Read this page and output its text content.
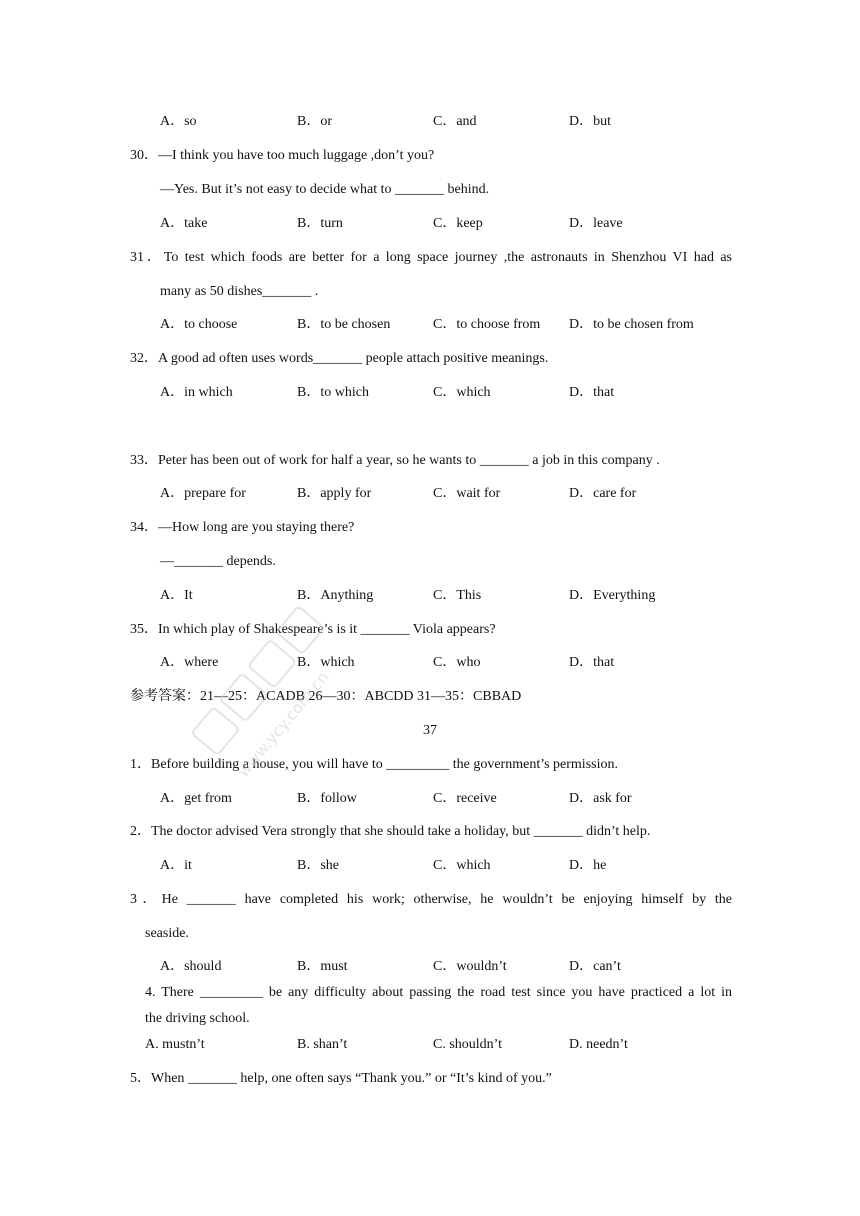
A．so	B．or	C．and	D．but
30．—I think you have too much luggage ,don’t you?
—Yes. But it’s not easy to decide what to _______ behind.
A．take	B．turn	C．keep	D．leave
31．To test which foods are better for a long space journey ,the astronauts in Shenzhou VI had as
many as 50 dishes_______ .
A．to choose	B．to be chosen	C．to choose from D．to be chosen from
32．A good ad often uses words_______ people attach positive meanings.
A．in which	B．to which	C．which	D．that
33．Peter has been out of work for half a year, so he wants to _______ a job in this company .
A．prepare for	B．apply for	C．wait for	D．care for
34．—How long are you staying there?
—_______ depends.
A．It	B．Anything	C．This	D．Everything
35．In which play of Shakespeare’s is it _______ Viola appears?
A．where	B．which	C．who	D．that
参考答案：21—25：ACADB 26—30：ABCDD 31—35：CBBAD
37
1．Before building a house, you will have to _________ the government’s permission.
A．get from	B．follow	C．receive	D．ask for
2．The doctor advised Vera strongly that she should take a holiday, but _______ didn’t help.
A．it	B．she	C．which	D．he
3．He _______ have completed his work; otherwise, he wouldn’t be enjoying himself by the
seaside.
A．should	B．must	C．wouldn’t	D．can’t
4. There _________ be any difficulty about passing the road test since you have practiced a lot in
the driving school.
A. mustn’t	B. shan’t	C. shouldn’t	D. needn’t
5．When _______ help, one often says “Thank you.” or “It’s kind of you.”
www.ycy.com.cn
